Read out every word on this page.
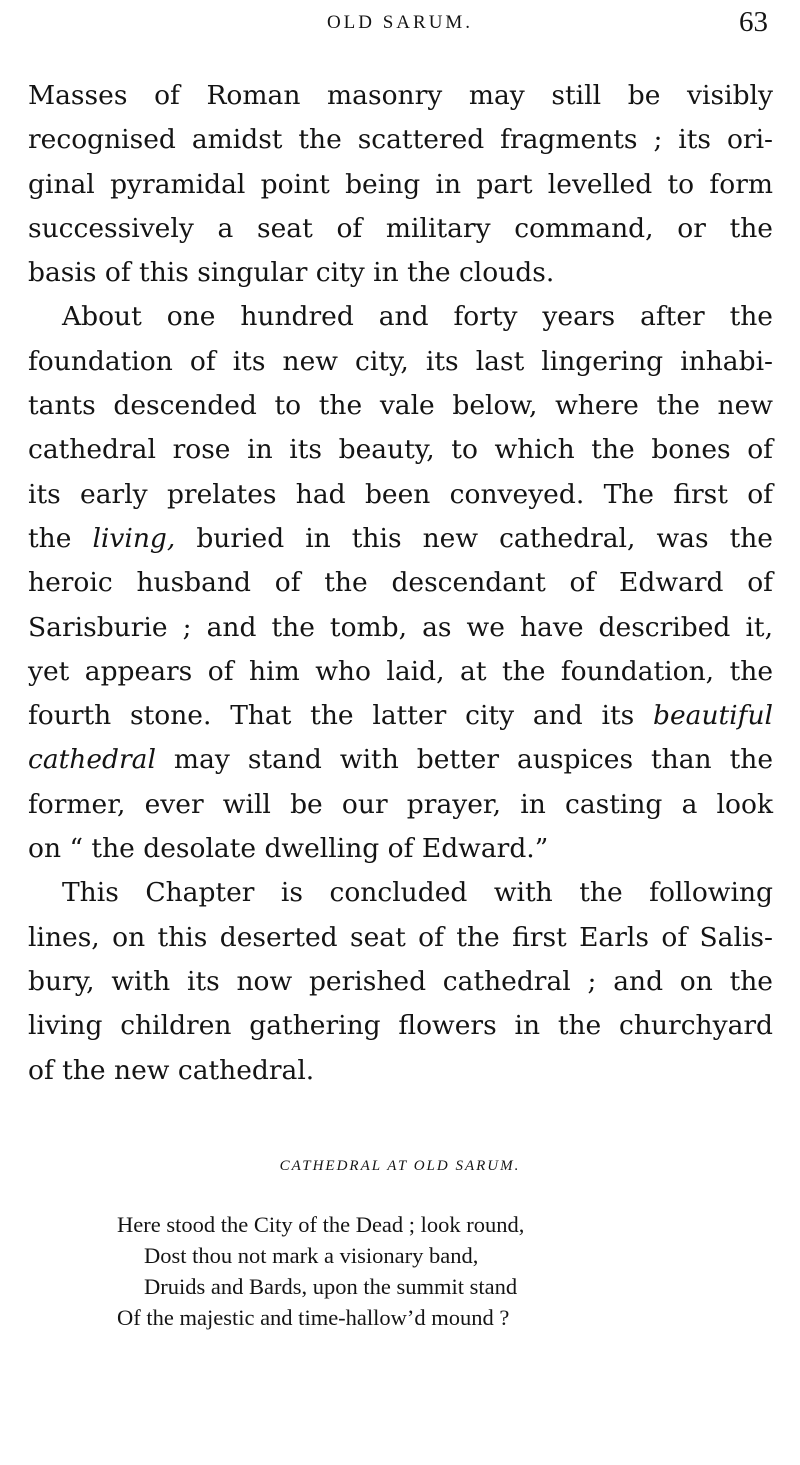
OLD SARUM.	63
Masses of Roman masonry may still be visibly
recognised amidst the scattered fragments ; its ori-
ginal pyramidal point being in part levelled to form
successively a seat of military command, or the
basis of this singular city in the clouds.
About one hundred and forty years after the
foundation of its new city, its last lingering inhabi-
tants descended to the vale below, where the new
cathedral rose in its beauty, to which the bones of
its early prelates had been conveyed. The first of
the living, buried in this new cathedral, was the
heroic husband of the descendant of Edward of
Sarisburie ; and the tomb, as we have described it,
yet appears of him who laid, at the foundation, the
fourth stone. That the latter city and its beautiful
cathedral may stand with better auspices than the
former, ever will be our prayer, in casting a look
on “ the desolate dwelling of Edward.”
This Chapter is concluded with the following
lines, on this deserted seat of the first Earls of Salis-
bury, with its now perished cathedral ; and on the
living children gathering flowers in the churchyard
of the new cathedral.
CATHEDRAL AT OLD SARUM.
Here stood the City of the Dead ; look round,
Dost thou not mark a visionary band,
Druids and Bards, upon the summit stand
Of the majestic and time-hallow’d mound ?
